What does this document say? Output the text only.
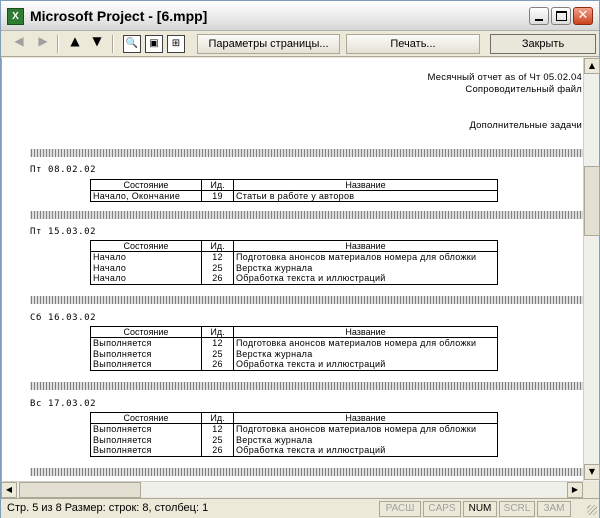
X Microsoft Project - [6.mpp]	✕
◀	▶	▲	▼	🔍	▣	⊞	Параметры страницы...	Печать...	Закрыть
Месячный отчет as of Чт 05.02.04
Сопроводительный файл
Дополнительные задачи
Пт 08.02.02
Состояние	Ид.	Название
Начало, Окончание	19	Статьи в работе у авторов
Пт 15.03.02
Состояние	Ид.	Название
Начало	12	Подготовка анонсов материалов номера для обложки
Начало	25	Верстка журнала
Начало	26	Обработка текста и иллюстраций
Сб 16.03.02
Состояние	Ид.	Название
Выполняется	12	Подготовка анонсов материалов номера для обложки
Выполняется	25	Верстка журнала
Выполняется	26	Обработка текста и иллюстраций
Вс 17.03.02
Состояние	Ид.	Название
Выполняется	12	Подготовка анонсов материалов номера для обложки
Выполняется	25	Верстка журнала
Выполняется	26	Обработка текста и иллюстраций
▲
▼
◀	▶
Стр. 5 из 8 Размер: строк: 8, столбец: 1	РАСШ	CAPS	NUM	SCRL	ЗАМ
